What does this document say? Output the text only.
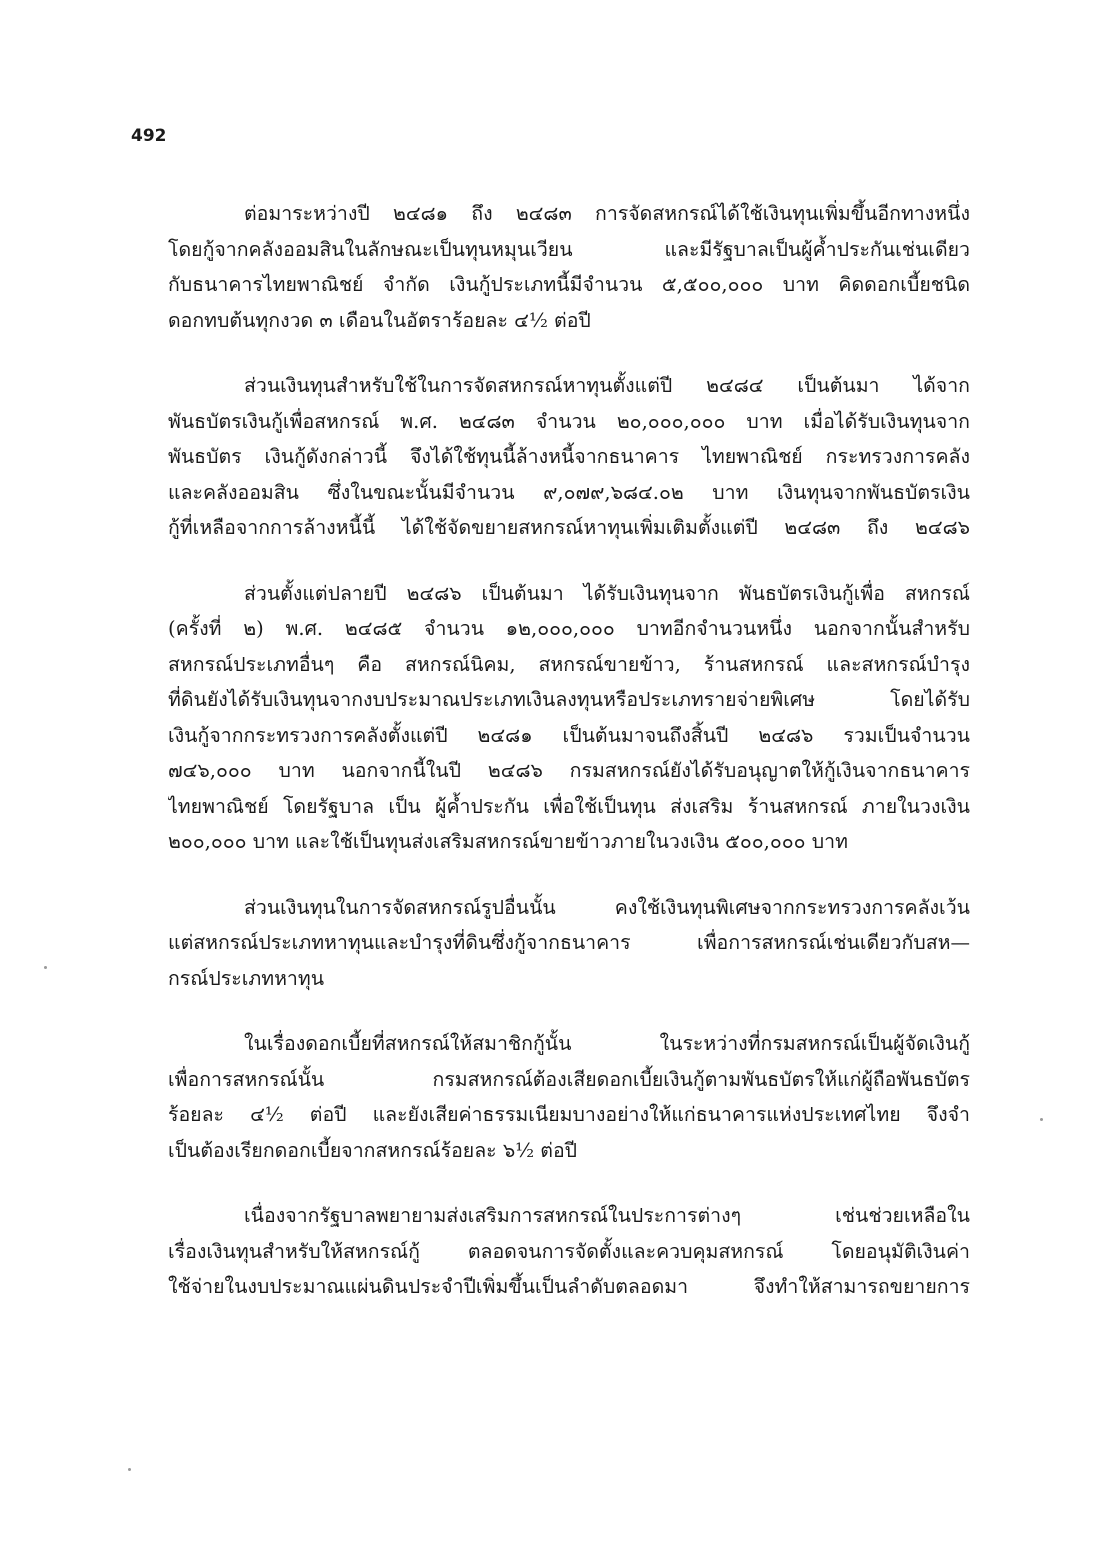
492

ต่อมาระหว่างปี ๒๔๘๑ ถึง ๒๔๘๓ การจัดสหกรณ์ได้ใช้เงินทุนเพิ่มขึ้นอีกทางหนึ่ง
โดยกู้จากคลังออมสินในลักษณะเป็นทุนหมุนเวียน และมีรัฐบาลเป็นผู้ค้ำประกันเช่นเดียว
กับธนาคารไทยพาณิชย์ จำกัด เงินกู้ประเภทนี้มีจำนวน ๕,๕๐๐,๐๐๐ บาท คิดดอกเบี้ยชนิด
ดอกทบต้นทุกงวด ๓ เดือนในอัตราร้อยละ ๔½ ต่อปี

ส่วนเงินทุนสำหรับใช้ในการจัดสหกรณ์หาทุนตั้งแต่ปี ๒๔๘๔ เป็นต้นมา ได้จาก
พันธบัตรเงินกู้เพื่อสหกรณ์ พ.ศ. ๒๔๘๓ จำนวน ๒๐,๐๐๐,๐๐๐ บาท เมื่อได้รับเงินทุนจาก
พันธบัตร เงินกู้ดังกล่าวนี้ จึงได้ใช้ทุนนี้ล้างหนี้จากธนาคาร ไทยพาณิชย์ กระทรวงการคลัง
และคลังออมสิน ซึ่งในขณะนั้นมีจำนวน ๙,๐๗๙,๖๘๔.๐๒ บาท เงินทุนจากพันธบัตรเงิน
กู้ที่เหลือจากการล้างหนี้นี้ ได้ใช้จัดขยายสหกรณ์หาทุนเพิ่มเติมตั้งแต่ปี ๒๔๘๓ ถึง ๒๔๘๖

ส่วนตั้งแต่ปลายปี ๒๔๘๖ เป็นต้นมา ได้รับเงินทุนจาก พันธบัตรเงินกู้เพื่อ สหกรณ์
(ครั้งที่ ๒) พ.ศ. ๒๔๘๕ จำนวน ๑๒,๐๐๐,๐๐๐ บาทอีกจำนวนหนึ่ง นอกจากนั้นสำหรับ
สหกรณ์ประเภทอื่นๆ คือ สหกรณ์นิคม, สหกรณ์ขายข้าว, ร้านสหกรณ์ และสหกรณ์บำรุง
ที่ดินยังได้รับเงินทุนจากงบประมาณประเภทเงินลงทุนหรือประเภทรายจ่ายพิเศษ โดยได้รับ
เงินกู้จากกระทรวงการคลังตั้งแต่ปี ๒๔๘๑ เป็นต้นมาจนถึงสิ้นปี ๒๔๘๖ รวมเป็นจำนวน
๗๔๖,๐๐๐ บาท นอกจากนี้ในปี ๒๔๘๖ กรมสหกรณ์ยังได้รับอนุญาตให้กู้เงินจากธนาคาร
ไทยพาณิชย์ โดยรัฐบาล เป็น ผู้ค้ำประกัน เพื่อใช้เป็นทุน ส่งเสริม ร้านสหกรณ์ ภายในวงเงิน
๒๐๐,๐๐๐ บาท และใช้เป็นทุนส่งเสริมสหกรณ์ขายข้าวภายในวงเงิน ๕๐๐,๐๐๐ บาท

ส่วนเงินทุนในการจัดสหกรณ์รูปอื่นนั้น คงใช้เงินทุนพิเศษจากกระทรวงการคลังเว้น
แต่สหกรณ์ประเภทหาทุนและบำรุงที่ดินซึ่งกู้จากธนาคาร เพื่อการสหกรณ์เช่นเดียวกับสห—
กรณ์ประเภทหาทุน

ในเรื่องดอกเบี้ยที่สหกรณ์ให้สมาชิกกู้นั้น ในระหว่างที่กรมสหกรณ์เป็นผู้จัดเงินกู้
เพื่อการสหกรณ์นั้น กรมสหกรณ์ต้องเสียดอกเบี้ยเงินกู้ตามพันธบัตรให้แก่ผู้ถือพันธบัตร
ร้อยละ ๔½ ต่อปี และยังเสียค่าธรรมเนียมบางอย่างให้แก่ธนาคารแห่งประเทศไทย จึงจำ
เป็นต้องเรียกดอกเบี้ยจากสหกรณ์ร้อยละ ๖½ ต่อปี

เนื่องจากรัฐบาลพยายามส่งเสริมการสหกรณ์ในประการต่างๆ เช่นช่วยเหลือใน
เรื่องเงินทุนสำหรับให้สหกรณ์กู้ ตลอดจนการจัดตั้งและควบคุมสหกรณ์ โดยอนุมัติเงินค่า
ใช้จ่ายในงบประมาณแผ่นดินประจำปีเพิ่มขึ้นเป็นลำดับตลอดมา จึงทำให้สามารถขยายการ
